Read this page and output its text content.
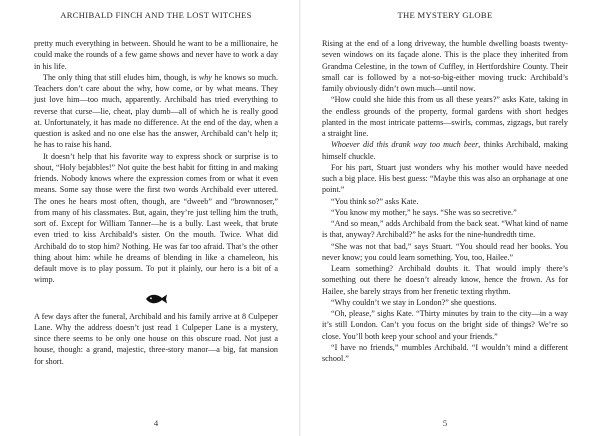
ARCHIBALD FINCH AND THE LOST WITCHES

pretty much everything in between. Should he want to be a millionaire, he could make the rounds of a few game shows and never have to work a day in his life.

The only thing that still eludes him, though, is why he knows so much. Teachers don’t care about the why, how come, or by what means. They just love him—too much, apparently. Archibald has tried everything to reverse that curse—lie, cheat, play dumb—all of which he is really good at. Unfortunately, it has made no difference. At the end of the day, when a question is asked and no one else has the answer, Archibald can’t help it; he has to raise his hand.

It doesn’t help that his favorite way to express shock or surprise is to shout, “Holy bejabbles!” Not quite the best habit for fitting in and making friends. Nobody knows where the expression comes from or what it even means. Some say those were the first two words Archibald ever uttered. The ones he hears most often, though, are “dweeb” and “brownnoser,” from many of his classmates. But, again, they’re just telling him the truth, sort of. Except for William Tanner—he is a bully. Last week, that brute even tried to kiss Archibald’s sister. On the mouth. Twice. What did Archibald do to stop him? Nothing. He was far too afraid. That’s the other thing about him: while he dreams of blending in like a chameleon, his default move is to play possum. To put it plainly, our hero is a bit of a wimp.

A few days after the funeral, Archibald and his family arrive at 8 Culpeper Lane. Why the address doesn’t just read 1 Culpeper Lane is a mystery, since there seems to be only one house on this obscure road. Not just a house, though: a grand, majestic, three-story manor—a big, fat mansion for short.

4
THE MYSTERY GLOBE

Rising at the end of a long driveway, the humble dwelling boasts twenty-seven windows on its façade alone. This is the place they inherited from Grandma Celestine, in the town of Cuffley, in Hertfordshire County. Their small car is followed by a not-so-big-either moving truck: Archibald’s family obviously didn’t own much—until now.

“How could she hide this from us all these years?” asks Kate, taking in the endless grounds of the property, formal gardens with short hedges planted in the most intricate patterns—swirls, commas, zigzags, but rarely a straight line.

Whoever did this drank way too much beer, thinks Archibald, making himself chuckle.

For his part, Stuart just wonders why his mother would have needed such a big place. His best guess: “Maybe this was also an orphanage at one point.”

“You think so?” asks Kate.

“You know my mother,” he says. “She was so secretive.”

“And so mean,” adds Archibald from the back seat. “What kind of name is that, anyway? Archibald?” he asks for the nine-hundredth time.

“She was not that bad,” says Stuart. “You should read her books. You never know; you could learn something. You, too, Hailee.”

Learn something? Archibald doubts it. That would imply there’s something out there he doesn’t already know, hence the frown. As for Hailee, she barely strays from her frenetic texting rhythm.

“Why couldn’t we stay in London?” she questions.

“Oh, please,” sighs Kate. “Thirty minutes by train to the city—in a way it’s still London. Can’t you focus on the bright side of things? We’re so close. You’ll both keep your school and your friends.”

“I have no friends,” mumbles Archibald. “I wouldn’t mind a different school.”

5
